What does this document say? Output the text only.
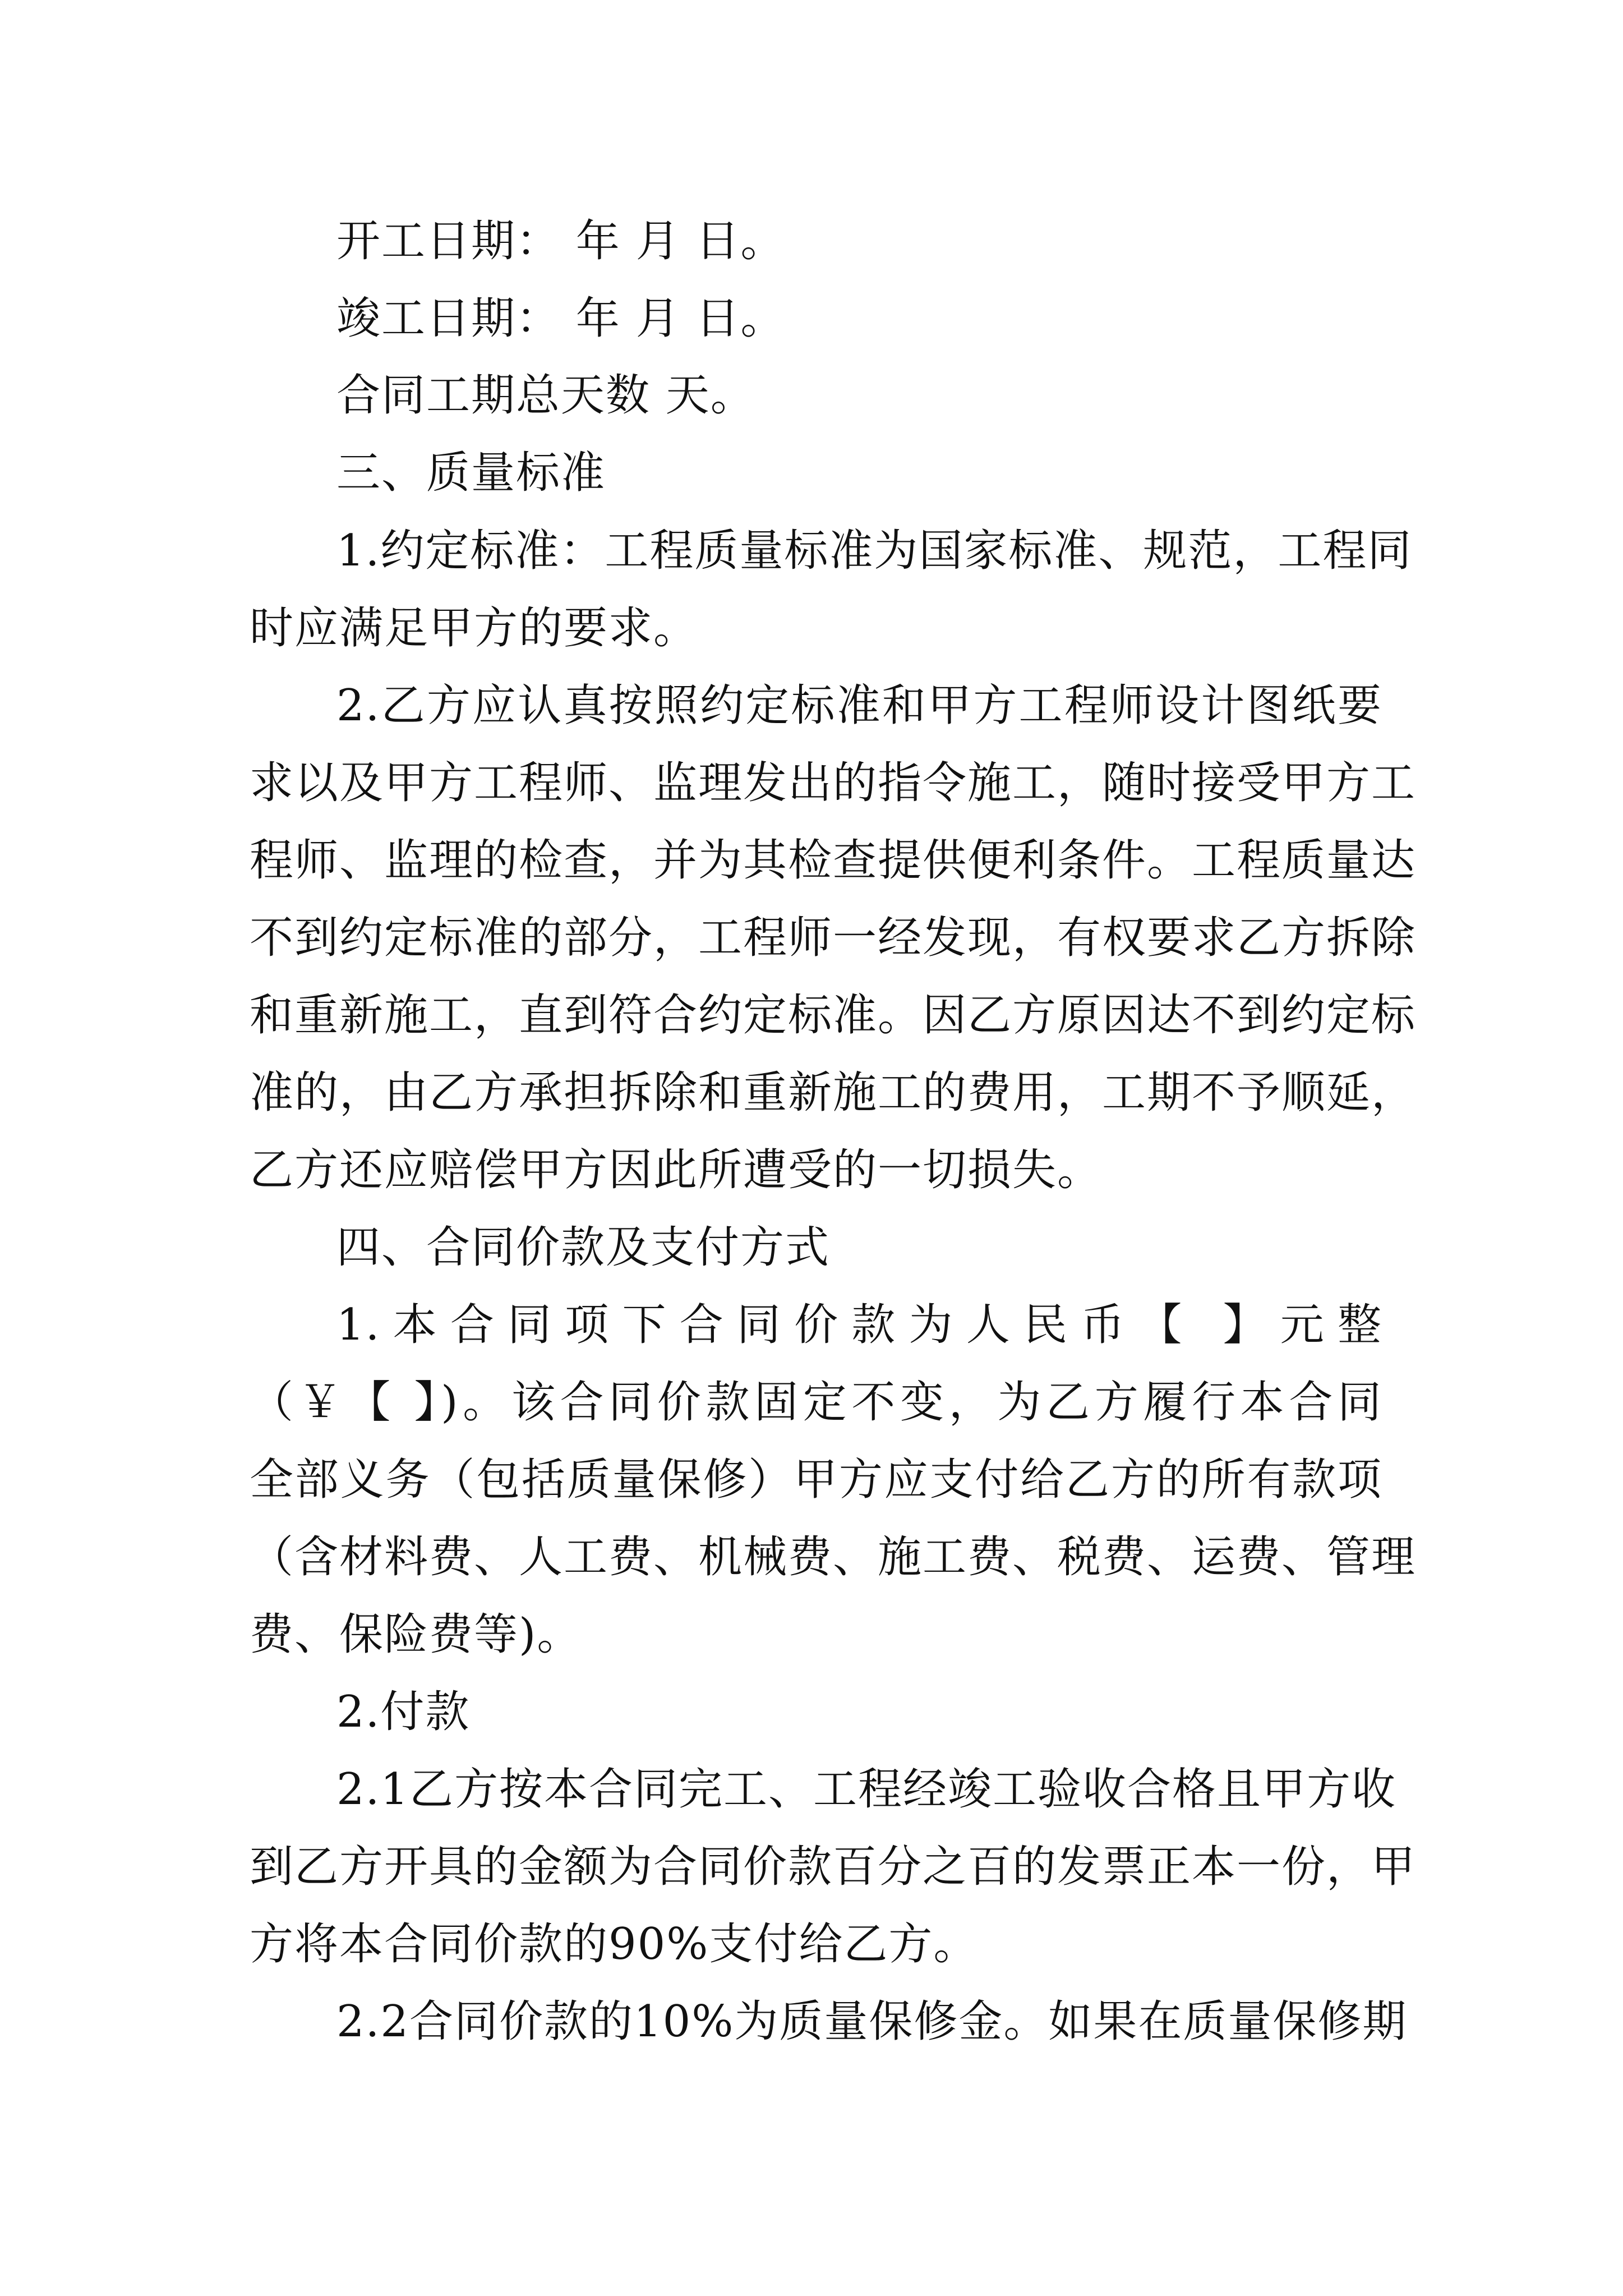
开工日期： 年 月 日。

竣工日期： 年 月 日。

合同工期总天数 天。

三、质量标准

1.约定标准：工程质量标准为国家标准、规范，工程同

时应满足甲方的要求。

2.乙方应认真按照约定标准和甲方工程师设计图纸要

求以及甲方工程师、监理发出的指令施工，随时接受甲方工

程师、监理的检查，并为其检查提供便利条件。工程质量达

不到约定标准的部分，工程师一经发现，有权要求乙方拆除

和重新施工，直到符合约定标准。因乙方原因达不到约定标

准的，由乙方承担拆除和重新施工的费用，工期不予顺延，

乙方还应赔偿甲方因此所遭受的一切损失。

四、合同价款及支付方式

1.本合同项下合同价款为人民币【 】元整

（￥【 】)。该合同价款固定不变，为乙方履行本合同

全部义务（包括质量保修）甲方应支付给乙方的所有款项

（含材料费、人工费、机械费、施工费、税费、运费、管理

费、保险费等)。

2.付款

2.1乙方按本合同完工、工程经竣工验收合格且甲方收

到乙方开具的金额为合同价款百分之百的发票正本一份，甲

方将本合同价款的90%支付给乙方。

2.2合同价款的10%为质量保修金。如果在质量保修期
